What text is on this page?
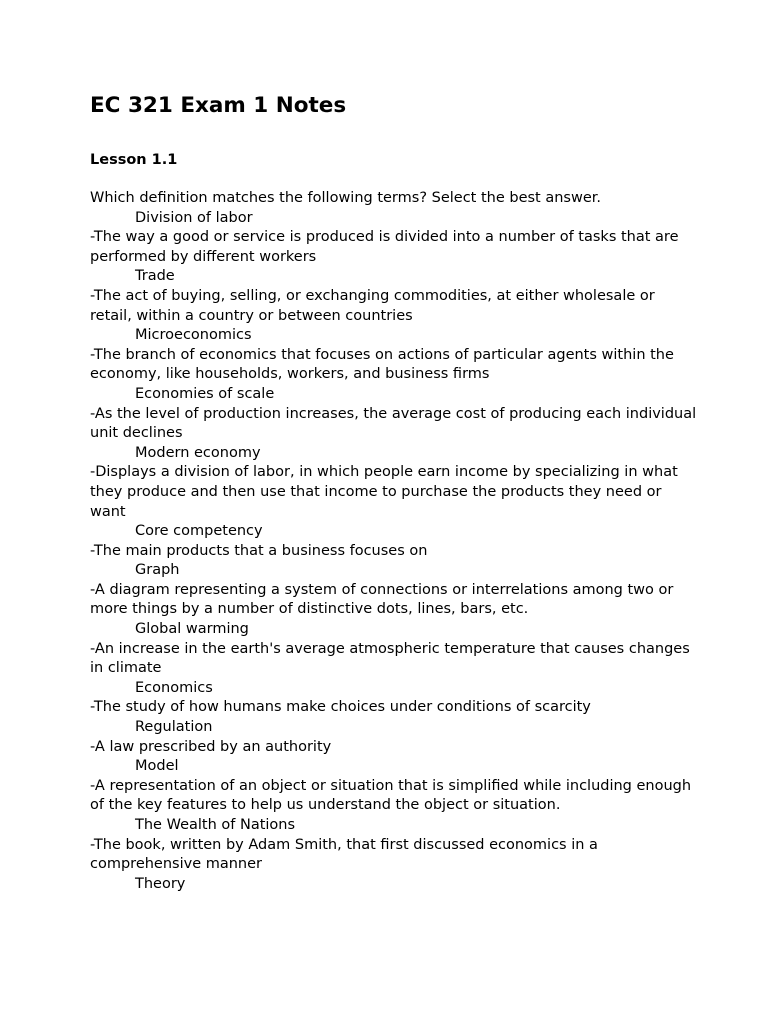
EC 321 Exam 1 Notes
Lesson 1.1

Which definition matches the following terms? Select the best answer.

Division of labor

-The way a good or service is produced is divided into a number of tasks that are performed by different workers

Trade

-The act of buying, selling, or exchanging commodities, at either wholesale or retail, within a country or between countries

Microeconomics

-The branch of economics that focuses on actions of particular agents within the economy, like households, workers, and business firms

Economies of scale

-As the level of production increases, the average cost of producing each individual unit declines

Modern economy

-Displays a division of labor, in which people earn income by specializing in what they produce and then use that income to purchase the products they need or want

Core competency

-The main products that a business focuses on

Graph

-A diagram representing a system of connections or interrelations among two or more things by a number of distinctive dots, lines, bars, etc.

Global warming

-An increase in the earth's average atmospheric temperature that causes changes in climate

Economics

-The study of how humans make choices under conditions of scarcity

Regulation

-A law prescribed by an authority

Model

-A representation of an object or situation that is simplified while including enough of the key features to help us understand the object or situation.

The Wealth of Nations

-The book, written by Adam Smith, that first discussed economics in a comprehensive manner

Theory
